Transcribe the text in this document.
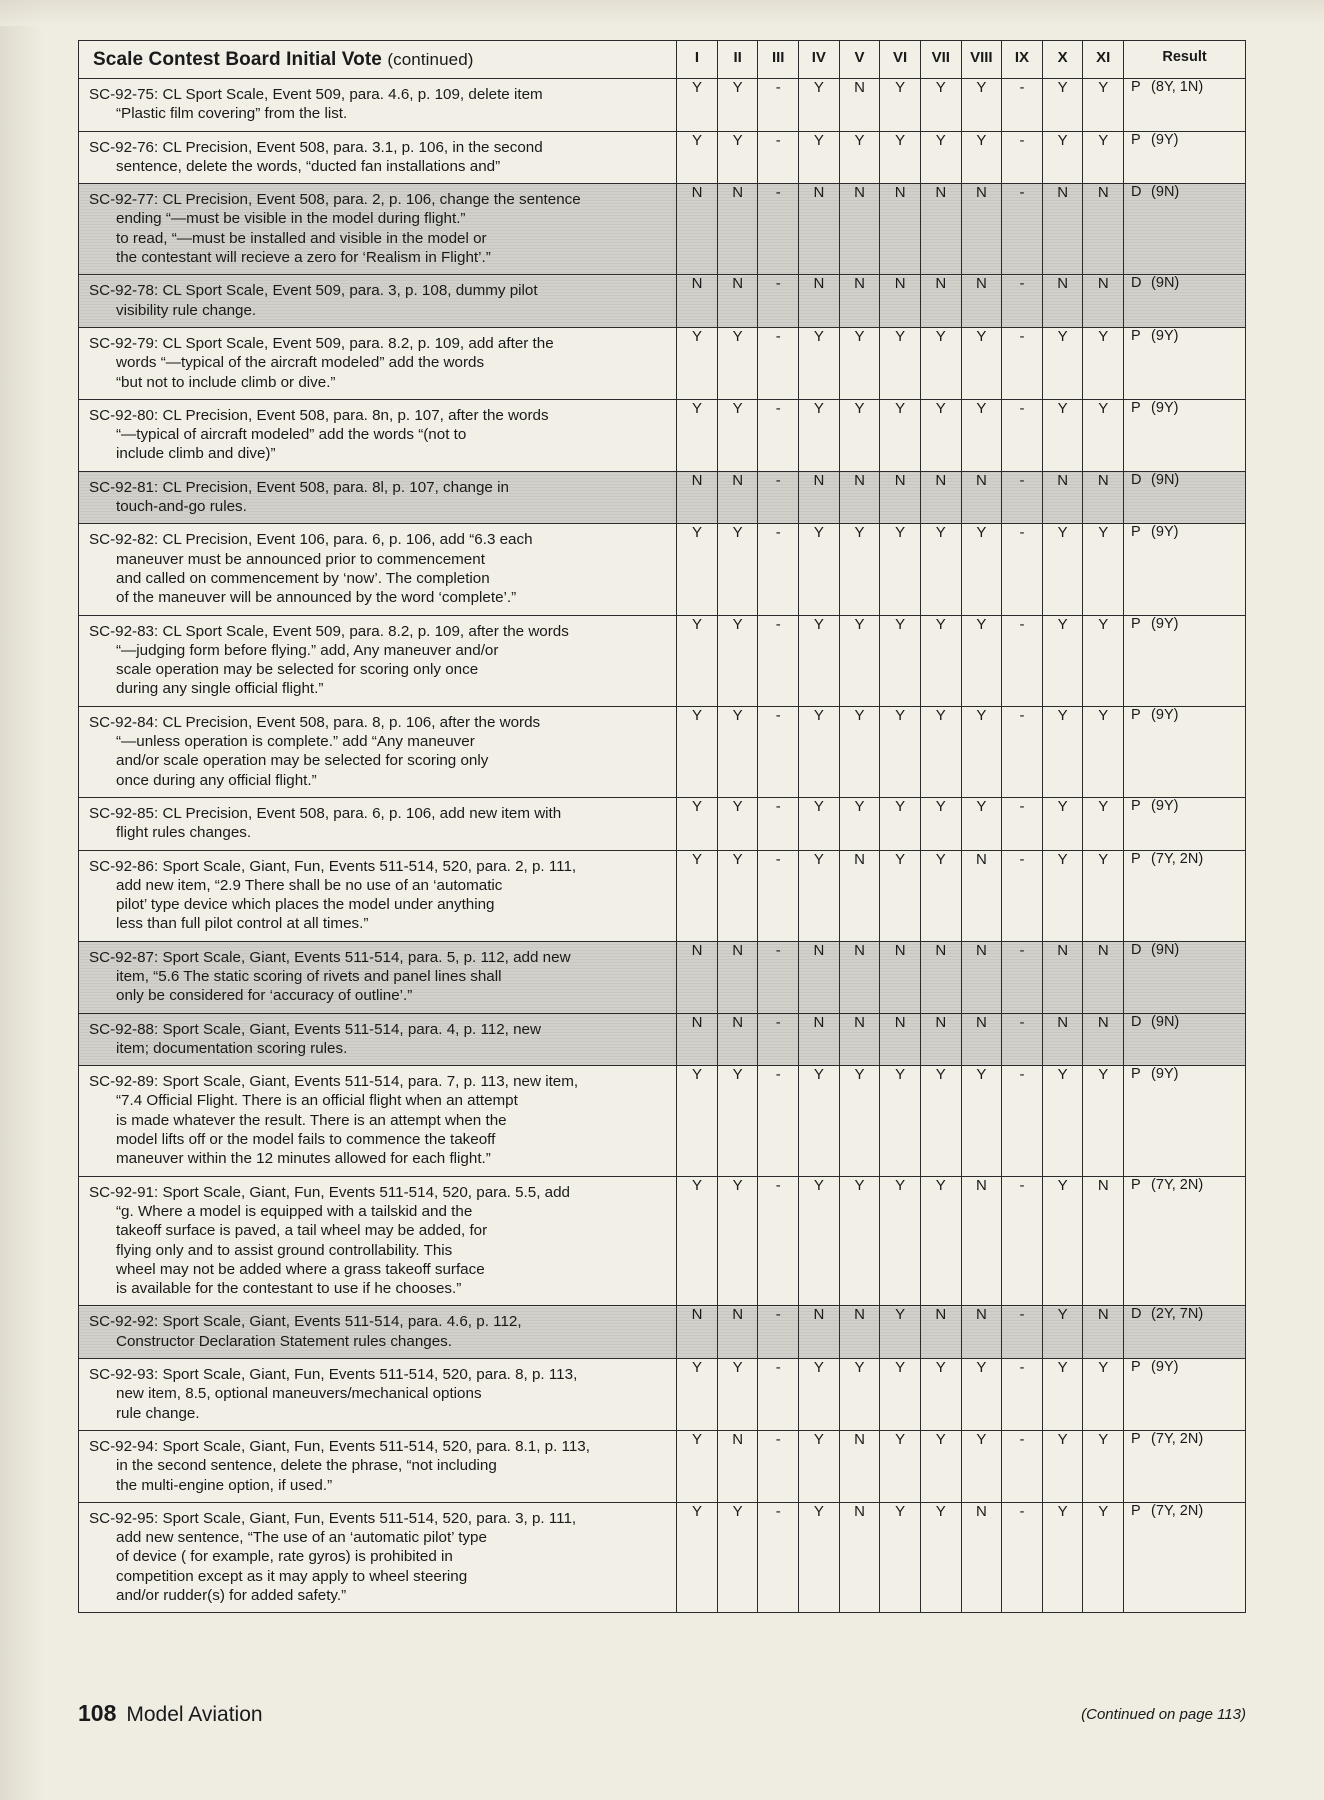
Scale Contest Board Initial Vote (continued)	I	II	III	IV	V	VI	VII	VIII	IX	X	XI	Result

SC-92-75: CL Sport Scale, Event 509, para. 4.6, p. 109, delete item
“Plastic film covering” from the list.	Y	Y	-	Y	N	Y	Y	Y	-	Y	Y	P (8Y, 1N)

SC-92-76: CL Precision, Event 508, para. 3.1, p. 106, in the second
sentence, delete the words, “ducted fan installations and”	Y	Y	-	Y	Y	Y	Y	Y	-	Y	Y	P (9Y)

SC-92-77: CL Precision, Event 508, para. 2, p. 106, change the sentence
ending “—must be visible in the model during flight.”
to read, “—must be installed and visible in the model or
the contestant will recieve a zero for ‘Realism in Flight’.”	N	N	-	N	N	N	N	N	-	N	N	D (9N)

SC-92-78: CL Sport Scale, Event 509, para. 3, p. 108, dummy pilot
visibility rule change.	N	N	-	N	N	N	N	N	-	N	N	D (9N)

SC-92-79: CL Sport Scale, Event 509, para. 8.2, p. 109, add after the
words “—typical of the aircraft modeled” add the words
“but not to include climb or dive.”	Y	Y	-	Y	Y	Y	Y	Y	-	Y	Y	P (9Y)

SC-92-80: CL Precision, Event 508, para. 8n, p. 107, after the words
“—typical of aircraft modeled” add the words “(not to
include climb and dive)”	Y	Y	-	Y	Y	Y	Y	Y	-	Y	Y	P (9Y)

SC-92-81: CL Precision, Event 508, para. 8l, p. 107, change in
touch-and-go rules.	N	N	-	N	N	N	N	N	-	N	N	D (9N)

SC-92-82: CL Precision, Event 106, para. 6, p. 106, add “6.3 each
maneuver must be announced prior to commencement
and called on commencement by ‘now’. The completion
of the maneuver will be announced by the word ‘complete’.”	Y	Y	-	Y	Y	Y	Y	Y	-	Y	Y	P (9Y)

SC-92-83: CL Sport Scale, Event 509, para. 8.2, p. 109, after the words
“—judging form before flying.” add, Any maneuver and/or
scale operation may be selected for scoring only once
during any single official flight.”	Y	Y	-	Y	Y	Y	Y	Y	-	Y	Y	P (9Y)

SC-92-84: CL Precision, Event 508, para. 8, p. 106, after the words
“—unless operation is complete.” add “Any maneuver
and/or scale operation may be selected for scoring only
once during any official flight.”	Y	Y	-	Y	Y	Y	Y	Y	-	Y	Y	P (9Y)

SC-92-85: CL Precision, Event 508, para. 6, p. 106, add new item with
flight rules changes.	Y	Y	-	Y	Y	Y	Y	Y	-	Y	Y	P (9Y)

SC-92-86: Sport Scale, Giant, Fun, Events 511-514, 520, para. 2, p. 111,
add new item, “2.9 There shall be no use of an ‘automatic
pilot’ type device which places the model under anything
less than full pilot control at all times.”	Y	Y	-	Y	N	Y	Y	N	-	Y	Y	P (7Y, 2N)

SC-92-87: Sport Scale, Giant, Events 511-514, para. 5, p. 112, add new
item, “5.6 The static scoring of rivets and panel lines shall
only be considered for ‘accuracy of outline’.”	N	N	-	N	N	N	N	N	-	N	N	D (9N)

SC-92-88: Sport Scale, Giant, Events 511-514, para. 4, p. 112, new
item; documentation scoring rules.	N	N	-	N	N	N	N	N	-	N	N	D (9N)

SC-92-89: Sport Scale, Giant, Events 511-514, para. 7, p. 113, new item,
“7.4 Official Flight. There is an official flight when an attempt
is made whatever the result. There is an attempt when the
model lifts off or the model fails to commence the takeoff
maneuver within the 12 minutes allowed for each flight.”	Y	Y	-	Y	Y	Y	Y	Y	-	Y	Y	P (9Y)

SC-92-91: Sport Scale, Giant, Fun, Events 511-514, 520, para. 5.5, add
“g. Where a model is equipped with a tailskid and the
takeoff surface is paved, a tail wheel may be added, for
flying only and to assist ground controllability. This
wheel may not be added where a grass takeoff surface
is available for the contestant to use if he chooses.”
	Y	Y	-	Y	Y	Y	Y	N	-	Y	N	P (7Y, 2N)

SC-92-92: Sport Scale, Giant, Events 511-514, para. 4.6, p. 112,
Constructor Declaration Statement rules changes.	N	N	-	N	N	Y	N	N	-	Y	N	D (2Y, 7N)

SC-92-93: Sport Scale, Giant, Fun, Events 511-514, 520, para. 8, p. 113,
new item, 8.5, optional maneuvers/mechanical options
rule change.	Y	Y	-	Y	Y	Y	Y	Y	-	Y	Y	P (9Y)

SC-92-94: Sport Scale, Giant, Fun, Events 511-514, 520, para. 8.1, p. 113,
in the second sentence, delete the phrase, “not including
the multi-engine option, if used.”	Y	N	-	Y	N	Y	Y	Y	-	Y	Y	P (7Y, 2N)

SC-92-95: Sport Scale, Giant, Fun, Events 511-514, 520, para. 3, p. 111,
add new sentence, “The use of an ‘automatic pilot’ type
of device ( for example, rate gyros) is prohibited in
competition except as it may apply to wheel steering
and/or rudder(s) for added safety.”	Y	Y	-	Y	N	Y	Y	N	-	Y	Y	P (7Y, 2N)
108 Model Aviation	(Continued on page 113)
